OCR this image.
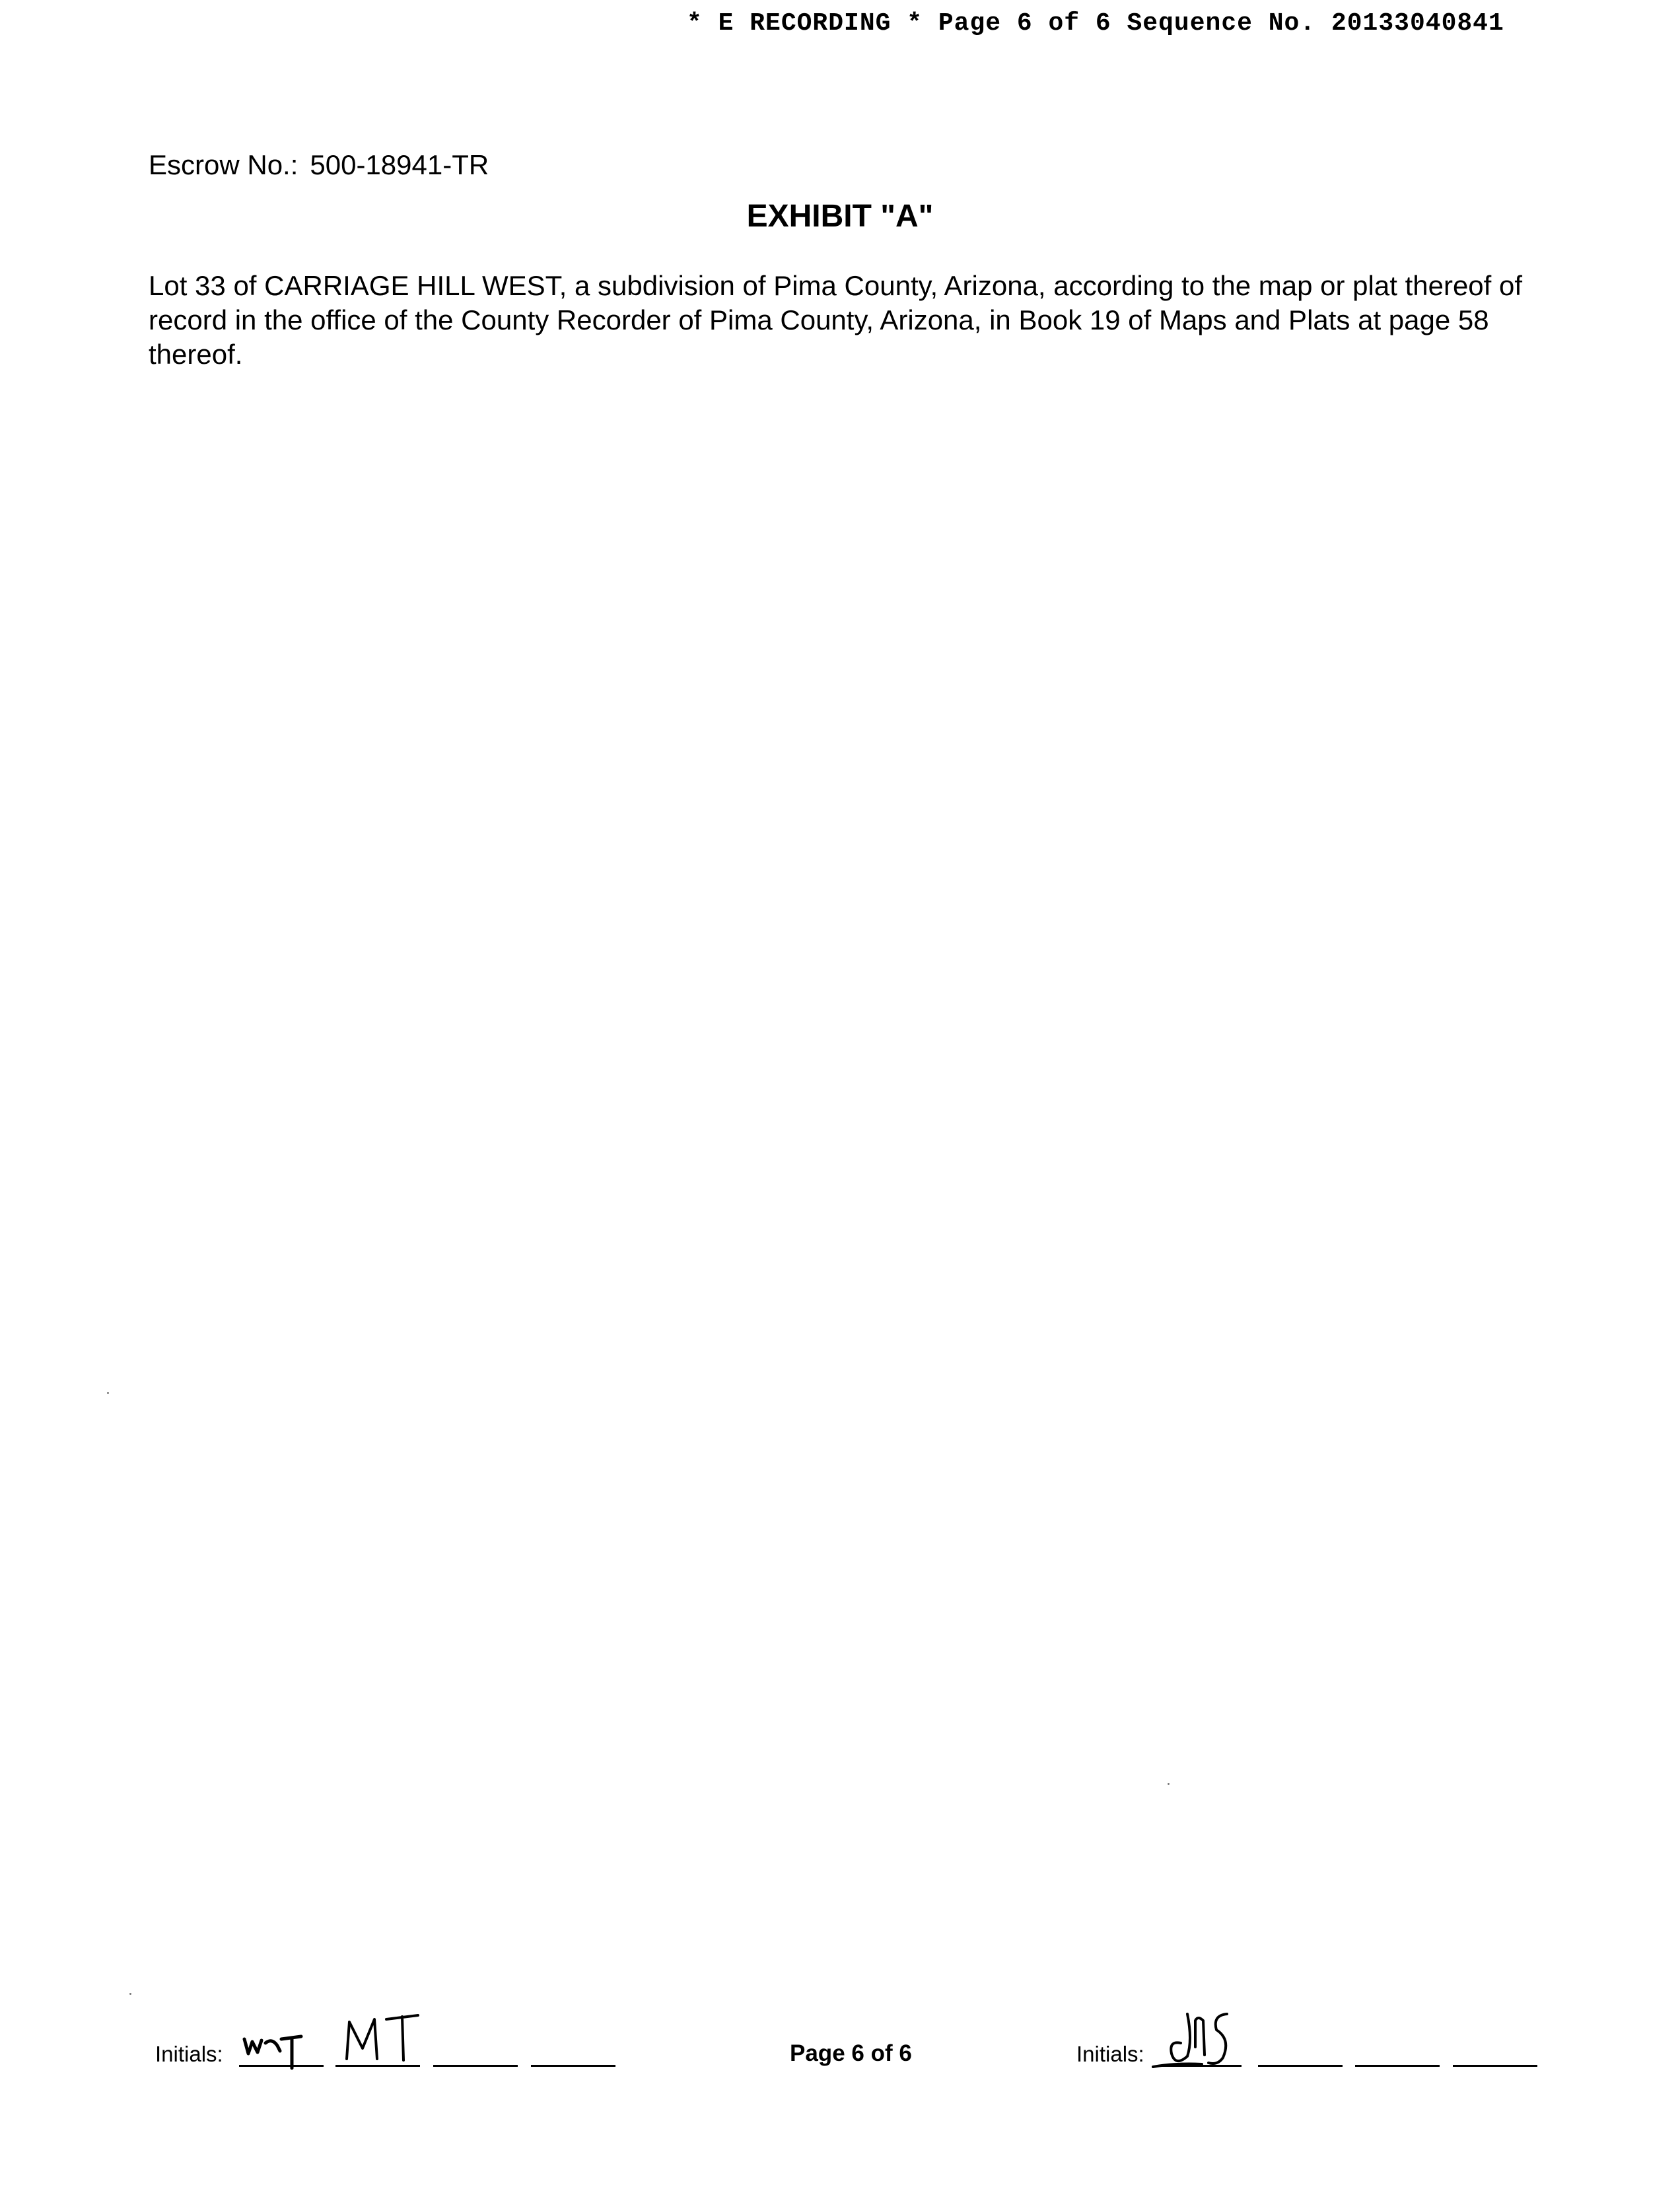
* E RECORDING * Page 6 of 6 Sequence No. 20133040841
Escrow No.: 500-18941-TR
EXHIBIT "A"
Lot 33 of CARRIAGE HILL WEST, a subdivision of Pima County, Arizona, according to the map or plat thereof of record in the office of the County Recorder of Pima County, Arizona, in Book 19 of Maps and Plats at page 58 thereof.
Initials:	Page 6 of 6	Initials:
